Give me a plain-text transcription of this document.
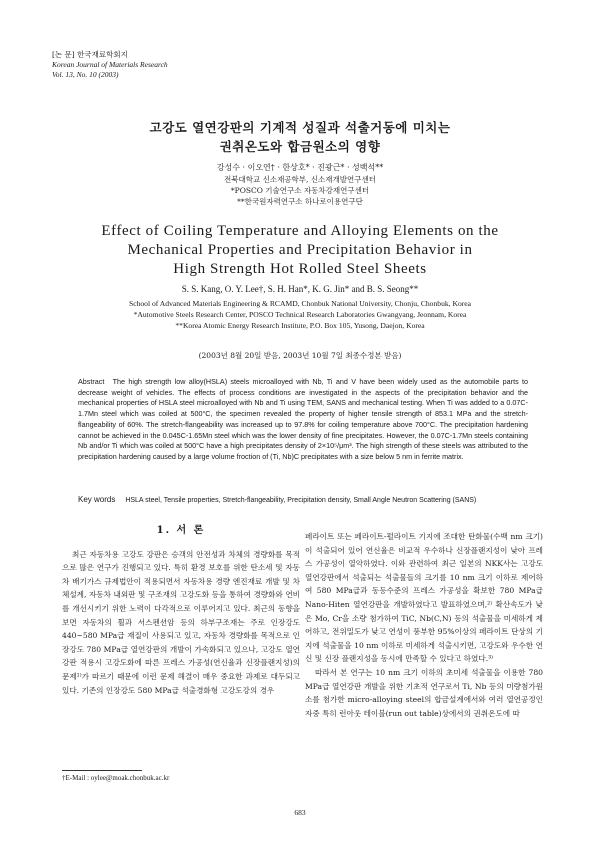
[논 문] 한국재료학회지
Korean Journal of Materials Research
Vol. 13, No. 10 (2003)
고강도 열연강판의 기계적 성질과 석출거동에 미치는
권취온도와 합금원소의 영향
강성수 · 이오연† · 한상호* · 진광근* · 성백석**
전북대학교 신소재공학부, 신소재개발연구센터
*POSCO 기술연구소 자동차강재연구센터
**한국원자력연구소 하나로이용연구단
Effect of Coiling Temperature and Alloying Elements on the
Mechanical Properties and Precipitation Behavior in
High Strength Hot Rolled Steel Sheets
S. S. Kang, O. Y. Lee†, S. H. Han*, K. G. Jin* and B. S. Seong**
School of Advanced Materials Engineering & RCAMD, Chonbuk National University, Chonju, Chonbuk, Korea
*Automotive Steels Research Center, POSCO Technical Research Laboratories Gwangyang, Jeonnam, Korea
**Korea Atomic Energy Research Institute, P.O. Box 105, Yusong, Daejon, Korea
(2003년 8월 20일 받음, 2003년 10월 7일 최종수정본 받음)
Abstract The high strength low alloy(HSLA) steels microalloyed with Nb, Ti and V have been widely used as the automobile parts to decrease weight of vehicles. The effects of process conditions are investigated in the aspects of the precipitation behavior and the mechanical properties of HSLA steel microalloyed with Nb and Ti using TEM, SANS and mechanical testing. When Ti was added to a 0.07C-1.7Mn steel which was coiled at 500°C, the specimen revealed the property of higher tensile strength of 853.1 MPa and the stretch-flangeability of 60%. The stretch-flangeability was increased up to 97.8% for coiling temperature above 700°C. The precipitation hardening cannot be achieved in the 0.045C-1.65Mn steel which was the lower density of fine precipitates. However, the 0.07C-1.7Mn steels containing Nb and/or Ti which was coiled at 500°C have a high precipitates density of 2×10⁵/μm³. The high strength of these steels was attributed to the precipitation hardening caused by a large volume froction of (Ti, Nb)C precipitates with a size below 5 nm in ferrite matrix.
Key words HSLA steel, Tensile properties, Stretch-flangeability, Precipitation density, Small Angle Neutron Scattering (SANS)
1. 서 론

최근 자동차용 고강도 강판은 승객의 안전성과 차체의 경량화를 목적으로 많은 연구가 진행되고 있다. 특히 환경 보호를 위한 탄소세 및 자동차 배기가스 규제법안이 적용되면서 자동차용 경량 엔진재료 개발 및 차체설계, 자동차 내외판 및 구조재의 고강도화 등을 통하여 경량화와 연비를 개선시키기 위한 노력이 다각적으로 이루어지고 있다. 최근의 동향을 보면 자동차의 휠과 서스펜션암 등의 하부구조재는 주로 인장강도 440~580 MPa급 재질이 사용되고 있고, 자동차 경량화를 목적으로 인장강도 780 MPa급 열연강판의 개발이 가속화되고 있으나, 고강도 열연강판 적용시 고강도화에 따른 프레스 가공성(연신율과 신장플랜지성)의 문제¹⁾가 따르기 때문에 이런 문제 해결이 매우 중요한 과제로 대두되고 있다. 기존의 인장강도 580 MPa급 석출경화형 고강도강의 경우

페라이트 또는 페라이트-펄라이트 기지에 조대한 탄화물(수백 nm 크기)이 석출되어 있어 연신율은 비교적 우수하나 신장플랜지성이 낮아 프레스 가공성이 열악하였다. 이와 관련하여 최근 일본의 NKK사는 고강도 열연강판에서 석출되는 석출물들의 크기를 10 nm 크기 이하로 제어하여 580 MPa급과 동등수준의 프레스 가공성을 확보한 780 MPa급 Nano-Hiten 열연강판을 개발하였다고 발표하였으며,²⁾ 확산속도가 낮은 Mo, Cr을 소량 첨가하여 TiC, Nb(C,N) 등의 석출물을 미세하게 제어하고, 전위밀도가 낮고 연성이 풍부한 95%이상의 페라이트 단상의 기지에 석출물을 10 nm 이하로 미세하게 석출시키면, 고강도와 우수한 연신 및 신장 플랜지성을 동시에 만족할 수 있다고 하였다.³⁾

따라서 본 연구는 10 nm 크기 이하의 초미세 석출물을 이용한 780 MPa급 열연강판 개발을 위한 기초적 연구로서 Ti, Nb 등의 미량첨가원소를 첨가한 micro-alloying steel의 합금설계에서와 여러 열연공정인자중 특히 런아웃 테이블(run out table)상에서의 권취온도에 따

†E-Mail : oylee@moak.chonbuk.ac.kr
683
